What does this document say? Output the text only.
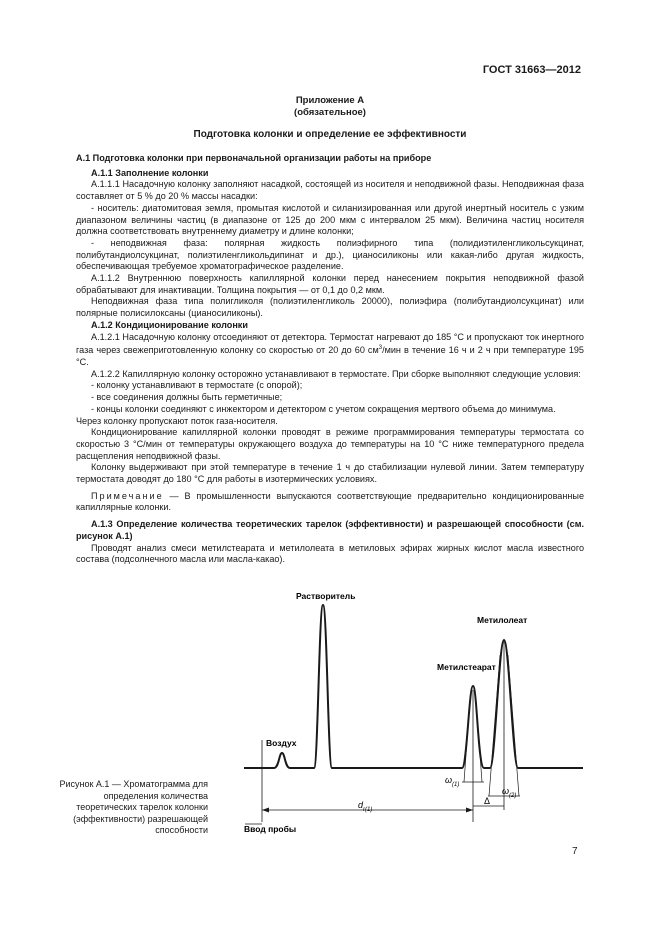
ГОСТ 31663—2012
Приложение А
(обязательное)
Подготовка колонки и определение ее эффективности

А.1 Подготовка колонки при первоначальной организации работы на приборе

А.1.1 Заполнение колонки

А.1.1.1 Насадочную колонку заполняют насадкой, состоящей из носителя и неподвижной фазы. Неподвижная фаза составляет от 5 % до 20 % массы насадки:

- носитель: диатомитовая земля, промытая кислотой и силанизированная или другой инертный носитель с узким диапазоном величины частиц (в диапазоне от 125 до 200 мкм с интервалом 25 мкм). Величина частиц носителя должна соответствовать внутреннему диаметру и длине колонки;

- неподвижная фаза: полярная жидкость полиэфирного типа (полидиэтиленгликольсукцинат, полибутандиолсукцинат, полиэтиленгликольдипинат и др.), цианосиликоны или какая-либо другая жидкость, обеспечивающая требуемое хроматографическое разделение.

А.1.1.2 Внутреннюю поверхность капиллярной колонки перед нанесением покрытия неподвижной фазой обрабатывают для инактивации. Толщина покрытия — от 0,1 до 0,2 мкм.

Неподвижная фаза типа полигликоля (полиэтиленгликоль 20000), полиэфира (полибутандиолсукцинат) или полярные полисилоксаны (цианосиликоны).

А.1.2 Кондиционирование колонки

А.1.2.1 Насадочную колонку отсоединяют от детектора. Термостат нагревают до 185 °С и пропускают ток инертного газа через свежеприготовленную колонку со скоростью от 20 до 60 $см^3$/мин в течение 16 ч и 2 ч при температуре 195 °С.

А.1.2.2 Капиллярную колонку осторожно устанавливают в термостате. При сборке выполняют следующие условия:

- колонку устанавливают в термостате (с опорой);

- все соединения должны быть герметичные;

- концы колонки соединяют с инжектором и детектором с учетом сокращения мертвого объема до минимума.

Через колонку пропускают поток газа-носителя.

Кондиционирование капиллярной колонки проводят в режиме программирования температуры термостата со скоростью 3 °С/мин от температуры окружающего воздуха до температуры на 10 °С ниже температурного предела расщепления неподвижной фазы.

Колонку выдерживают при этой температуре в течение 1 ч до стабилизации нулевой линии. Затем температуру термостата доводят до 180 °С для работы в изотермических условиях.

Примечание — В промышленности выпускаются соответствующие предварительно кондиционированные капиллярные колонки.

А.1.3 Определение количества теоретических тарелок (эффективности) и разрешающей способности (см. рисунок А.1)

Проводят анализ смеси метилстеарата и метилолеата в метиловых эфирах жирных кислот масла известного состава (подсолнечного масла или масла-какао).

Растворитель
Метилолеат
Метилстеарат
Воздух
Ввод пробы
$\omega_{(1)}$
$\omega_{(2)}$
Δ
$d_{r(1)}$
Рисунок А.1 — Хроматограмма для определения количества теоретических тарелок колонки (эффективности) разрешающей способности
7
